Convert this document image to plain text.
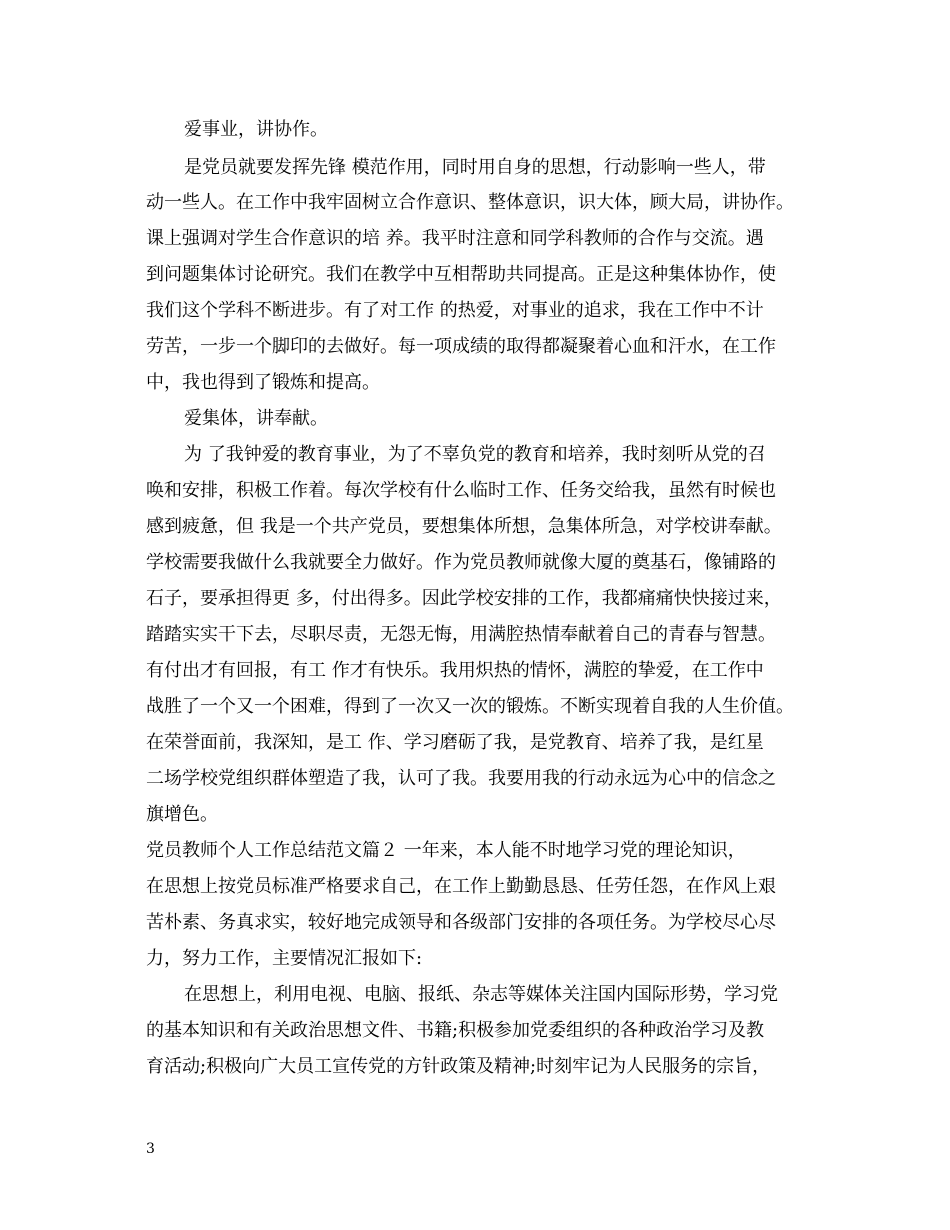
爱事业，讲协作。
是党员就要发挥先锋 模范作用，同时用自身的思想，行动影响一些人，带
动一些人。在工作中我牢固树立合作意识、整体意识，识大体，顾大局，讲协作。
课上强调对学生合作意识的培 养。我平时注意和同学科教师的合作与交流。遇
到问题集体讨论研究。我们在教学中互相帮助共同提高。正是这种集体协作，使
我们这个学科不断进步。有了对工作 的热爱，对事业的追求，我在工作中不计
劳苦，一步一个脚印的去做好。每一项成绩的取得都凝聚着心血和汗水，在工作
中，我也得到了锻炼和提高。
爱集体，讲奉献。
为 了我钟爱的教育事业，为了不辜负党的教育和培养，我时刻听从党的召
唤和安排，积极工作着。每次学校有什么临时工作、任务交给我，虽然有时候也
感到疲惫，但 我是一个共产党员，要想集体所想，急集体所急，对学校讲奉献。
学校需要我做什么我就要全力做好。作为党员教师就像大厦的奠基石，像铺路的
石子，要承担得更 多，付出得多。因此学校安排的工作，我都痛痛快快接过来，
踏踏实实干下去，尽职尽责，无怨无悔，用满腔热情奉献着自己的青春与智慧。
有付出才有回报，有工 作才有快乐。我用炽热的情怀，满腔的挚爱，在工作中
战胜了一个又一个困难，得到了一次又一次的锻炼。不断实现着自我的人生价值。
在荣誉面前，我深知，是工 作、学习磨砺了我，是党教育、培养了我，是红星
二场学校党组织群体塑造了我，认可了我。我要用我的行动永远为心中的信念之
旗增色。
党员教师个人工作总结范文篇２ 一年来，本人能不时地学习党的理论知识，
在思想上按党员标准严格要求自己，在工作上勤勤恳恳、任劳任怨，在作风上艰
苦朴素、务真求实，较好地完成领导和各级部门安排的各项任务。为学校尽心尽
力，努力工作，主要情况汇报如下:
在思想上，利用电视、电脑、报纸、杂志等媒体关注国内国际形势，学习党
的基本知识和有关政治思想文件、书籍;积极参加党委组织的各种政治学习及教
育活动;积极向广大员工宣传党的方针政策及精神;时刻牢记为人民服务的宗旨，
3
